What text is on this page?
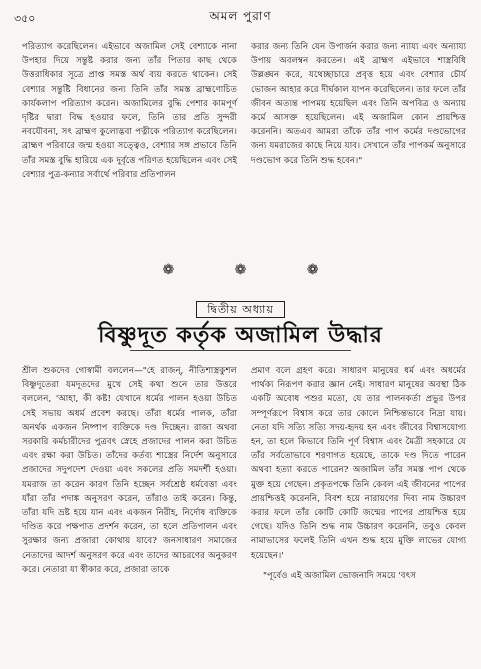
৩৫০	অমল পুরাণ

পরিত্যাগ করেছিলেন। এইভাবে অজামিল সেই বেশ্যাকে নানা উপহার দিয়ে সন্তুষ্ট করার জন্য তাঁর পিতার কাছ থেকে উত্তরাধিকার সূত্রে প্রাপ্ত সমস্ত অর্থ ব্যয় করতে থাকেন। সেই বেশ্যার সন্তুষ্টি বিধানের জন্য তিনি তাঁর সমস্ত ব্রাহ্মণোচিত কার্যকলাপ পরিত্যাগ করেন। অজামিলের বুদ্ধি পেশার কামপূর্ণ দৃষ্টির দ্বারা বিদ্ধ হওয়ার ফলে, তিনি তার প্রতি সুন্দরী নবযৌবনা, সৎ ব্রাহ্মণ কুলোদ্ভবা পত্নীকে পরিত্যাগ করেছিলেন। ব্রাহ্মণ পরিবারে জন্ম হওয়া সত্ত্বেও, বেশ্যার সঙ্গ প্রভাবে তিনি তাঁর সমস্ত বুদ্ধি হারিয়ে এক দুর্বৃত্তে পরিণত হয়েছিলেন এবং সেই বেশ্যার পুত্র-কন্যার সর্বার্থে পরিবার প্রতিপালন

করার জন্য তিনি যেন উপার্জন করার জন্য ন্যায্য এবং অন্যায্য উপায় অবলম্বন করতেন। এই ব্রাহ্মণ এইভাবে শাস্ত্রবিধি উল্লঙ্ঘন করে, যথেচ্ছাচারে প্রবৃত্ত হয়ে এবং বেশ্যার চৌর্য ভোজন আহার করে দীর্ঘকাল যাপন করেছিলেন। তার ফলে তাঁর জীবন অত্যন্ত পাপময় হয়েছিল এবং তিনি অপবিত্র ও অন্যায় কর্মে আসক্ত হয়েছিলেন। এই অজামিল কোন প্রায়শ্চিত্ত করেননি। অতএব আমরা তাঁকে তাঁর পাপ কর্মের দণ্ডভোগের জন্য যমরাজের কাছে নিয়ে যাব। সেখানে তাঁর পাপকর্ম অনুসারে দণ্ডভোগ করে তিনি শুদ্ধ হবেন।"

❁	❁	❁
দ্বিতীয় অধ্যায়
বিষ্ণুদূত কর্তৃক অজামিল উদ্ধার

শ্রীল শুকদেব গোস্বামী বললেন—"হে রাজন্, নীতিশাস্ত্রকুশল বিষ্ণুদূতেরা যমদূতদের মুখে সেই কথা শুনে তার উত্তরে বললেন, 'আহা, কী কষ্ট! যেখানে ধর্মের পালন হওয়া উচিত সেই সভায় অধর্ম প্রবেশ করছে। তাঁরা ধর্মের পালক, তাঁরা অনর্থক একজন নিষ্পাপ ব্যক্তিকে দণ্ড দিচ্ছেন। রাজা অথবা সরকারি কর্মচারীদের পুত্রবৎ স্নেহে প্রজাদের পালন করা উচিত এবং রক্ষা করা উচিত। তাঁদের কর্তব্য শাস্ত্রের নির্দেশ অনুসারে প্রজাদের সদুপদেশ দেওয়া এবং সকলের প্রতি সমদর্শী হওয়া। যমরাজ তা করেন কারণ তিনি হচ্ছেন সর্বশ্রেষ্ঠ ধর্মবেত্তা এবং যাঁরা তাঁর পদাঙ্ক অনুসরণ করেন, তাঁরাও তাই করেন। কিন্তু, তাঁরা যদি ভ্রষ্ট হয়ে যান এবং একজন নিরীহ, নির্দোষ ব্যক্তিকে দণ্ডিত করে পক্ষপাত প্রদর্শন করেন, তা হলে প্রতিপালন এবং সুরক্ষার জন্য প্রজারা কোথায় যাবে? জনসাধারণ সমাজের নেতাদের আদর্শ অনুসরণ করে এবং তাদের আচরণের অনুকরণ করে। নেতারা যা স্বীকার করে, প্রজারা তাকে

প্রমাণ বলে গ্রহণ করে। সাধারণ মানুষের ধর্ম এবং অধর্মের পার্থক্য নিরূপণ করার জ্ঞান নেই। সাধারণ মানুষের অবস্থা ঠিক একটি অবোধ পশুর মতো, যে তার পালনকর্তা প্রভুর উপর সম্পূর্ণরূপে বিশ্বাস করে তার কোলে নিশ্চিন্তভাবে নিদ্রা যায়। নেতা যদি সত্যি সত্যি সদয়-হৃদয় হন এবং জীবের বিশ্বাসযোগ্য হন, তা হলে কিভাবে তিনি পূর্ণ বিশ্বাস এবং মৈত্রী সহকারে যে তাঁর সর্বতোভাবে শরণাগত হয়েছে, তাকে দণ্ড দিতে পারেন অথবা হত্যা করতে পারেন? অজামিল তাঁর সমস্ত পাপ থেকে মুক্ত হয়ে গেছেন। প্রকৃতপক্ষে তিনি কেবল এই জীবনের পাপের প্রায়শ্চিত্তই করেননি, বিবশ হয়ে নারায়ণের দিব্য নাম উচ্চারণ করার ফলে তাঁর কোটি কোটি জন্মের পাপের প্রায়শ্চিত্ত হয়ে গেছে। যদিও তিনি শুদ্ধ নাম উচ্চারণ করেননি, তবুও কেবল নামাভাসের ফলেই তিনি এখন শুদ্ধ হয়ে মুক্তি লাভের যোগ্য হয়েছেন।'

"পূর্বেও এই অজামিল ভোজনাদি সময়ে 'বৎস
